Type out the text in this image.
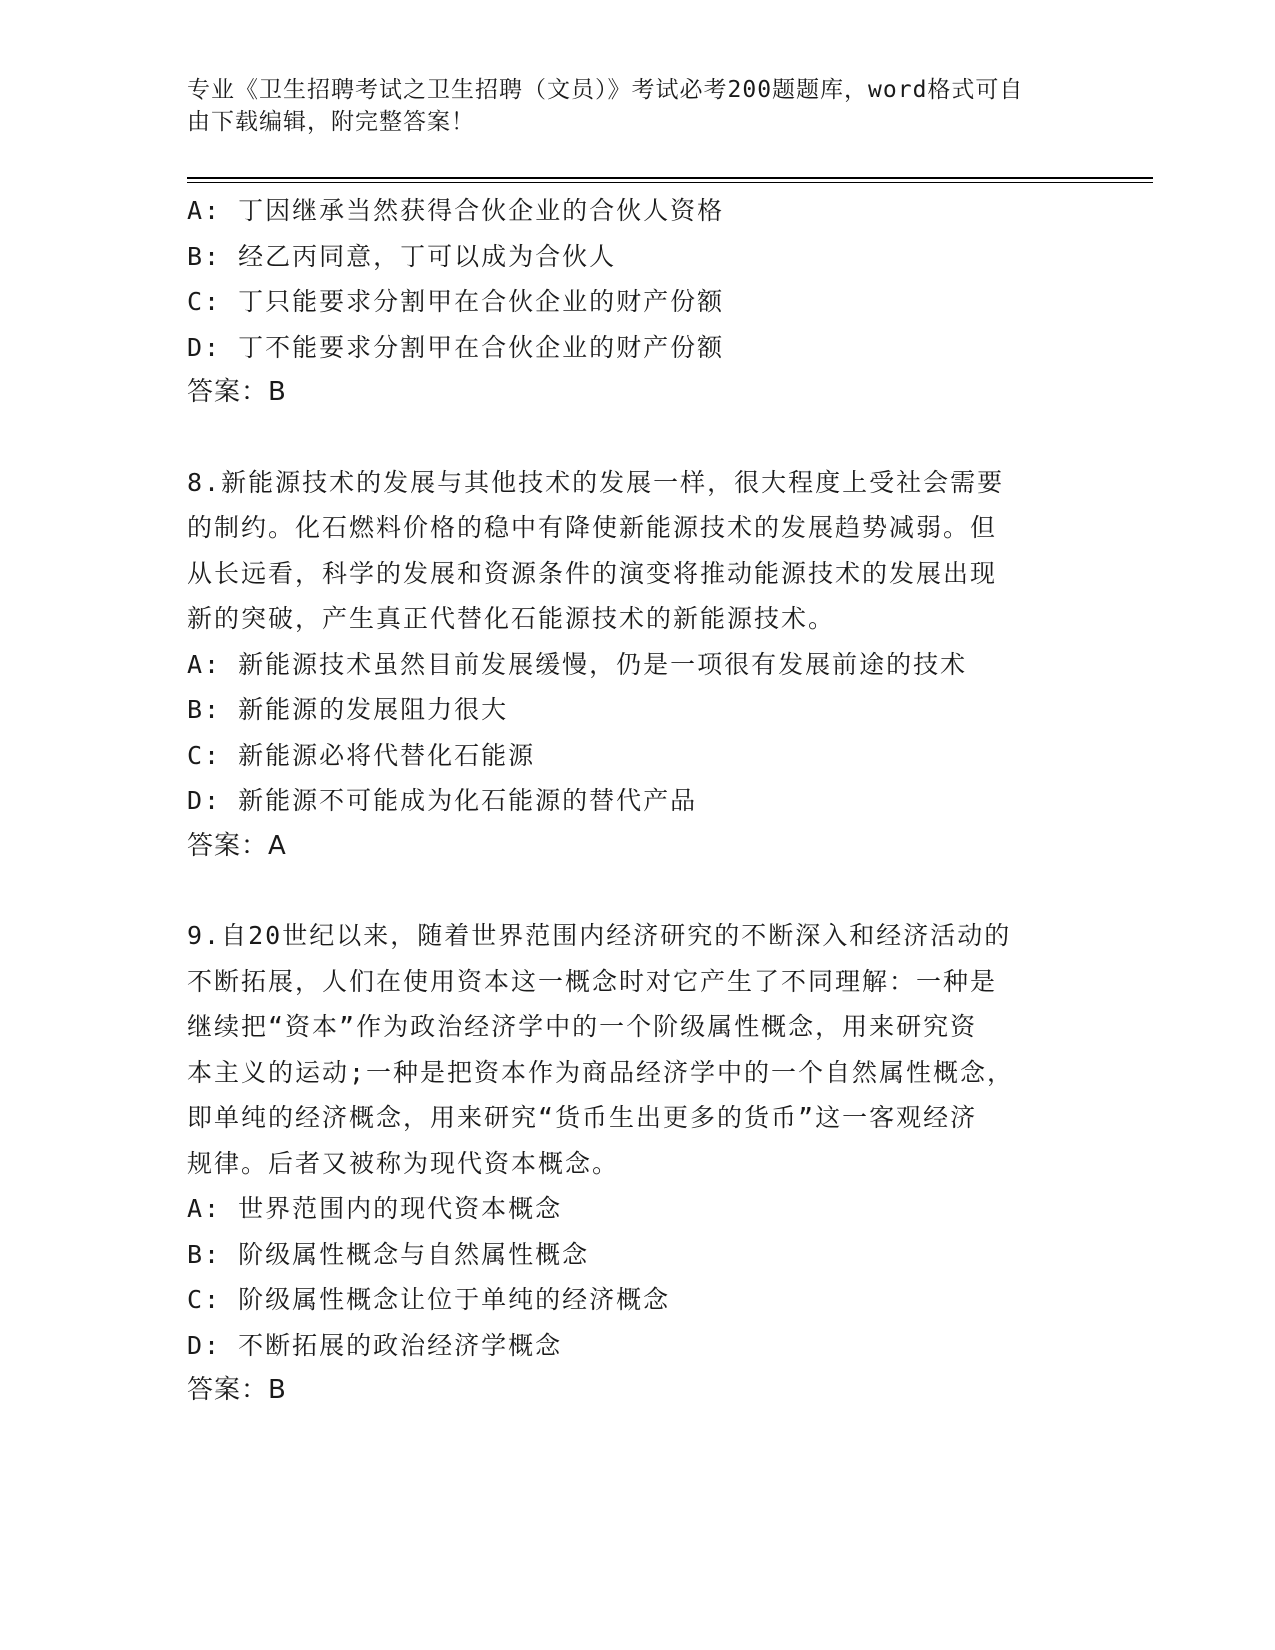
专业《卫生招聘考试之卫生招聘（文员）》考试必考200题题库，word格式可自
由下载编辑，附完整答案！
A: 丁因继承当然获得合伙企业的合伙人资格
B: 经乙丙同意，丁可以成为合伙人
C: 丁只能要求分割甲在合伙企业的财产份额
D: 丁不能要求分割甲在合伙企业的财产份额
答案：B
8.新能源技术的发展与其他技术的发展一样，很大程度上受社会需要
的制约。化石燃料价格的稳中有降使新能源技术的发展趋势减弱。但
从长远看，科学的发展和资源条件的演变将推动能源技术的发展出现
新的突破，产生真正代替化石能源技术的新能源技术。
A: 新能源技术虽然目前发展缓慢，仍是一项很有发展前途的技术
B: 新能源的发展阻力很大
C: 新能源必将代替化石能源
D: 新能源不可能成为化石能源的替代产品
答案：A
9.自20世纪以来，随着世界范围内经济研究的不断深入和经济活动的
不断拓展，人们在使用资本这一概念时对它产生了不同理解：一种是
继续把“资本”作为政治经济学中的一个阶级属性概念，用来研究资
本主义的运动;一种是把资本作为商品经济学中的一个自然属性概念，
即单纯的经济概念，用来研究“货币生出更多的货币”这一客观经济
规律。后者又被称为现代资本概念。
A: 世界范围内的现代资本概念
B: 阶级属性概念与自然属性概念
C: 阶级属性概念让位于单纯的经济概念
D: 不断拓展的政治经济学概念
答案：B
